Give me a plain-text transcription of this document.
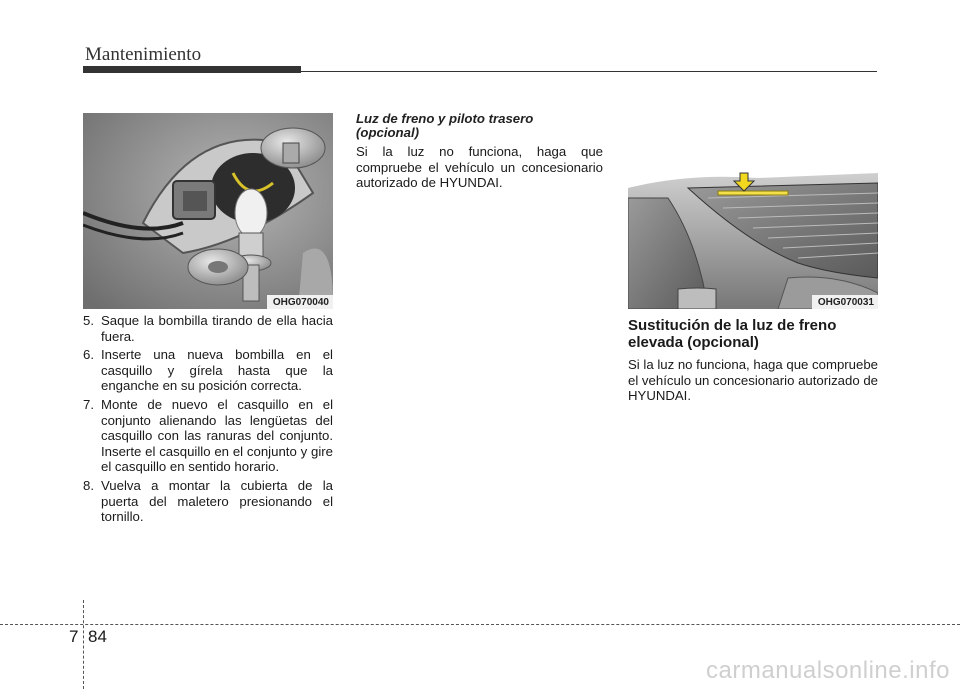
Mantenimiento
OHG070040	OHG070031
5. Saque la bombilla tirando de ella hacia fuera.
6. Inserte una nueva bombilla en el casquillo y gírela hasta que la enganche en su posición correcta.
7. Monte de nuevo el casquillo en el conjunto alienando las lengüetas del casquillo con las ranuras del conjunto. Inserte el casquillo en el conjunto y gire el casquillo en sentido horario.
8. Vuelva a montar la cubierta de la puerta del maletero presionando el tornillo.
Luz de freno y piloto trasero (opcional)

Si la luz no funciona, haga que compruebe el vehículo un concesionario autorizado de HYUNDAI.

Sustitución de la luz de freno elevada (opcional)

Si la luz no funciona, haga que compruebe el vehículo un concesionario autorizado de HYUNDAI.

7 84
carmanualsonline.info
